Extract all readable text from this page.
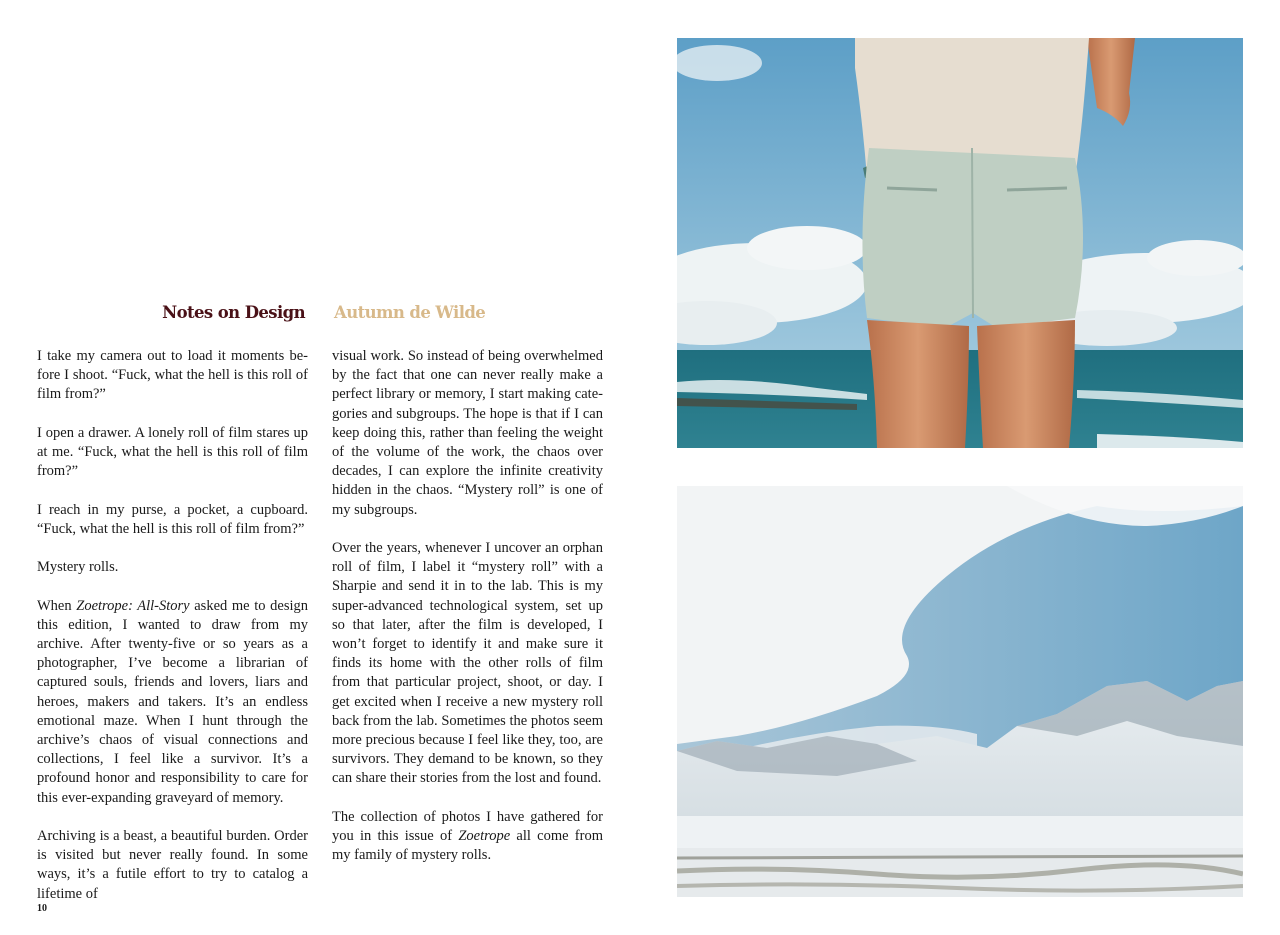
Notes on Design Autumn de Wilde

I take my camera out to load it moments before I shoot. “Fuck, what the hell is this roll of film from?”

I open a drawer. A lonely roll of film stares up at me. “Fuck, what the hell is this roll of film from?”

I reach in my purse, a pocket, a cupboard. “Fuck, what the hell is this roll of film from?”

Mystery rolls.

When Zoetrope: All-Story asked me to design this edition, I wanted to draw from my archive. After twenty-five or so years as a photographer, I’ve become a librarian of captured souls, friends and lovers, liars and heroes, makers and takers. It’s an endless emotional maze. When I hunt through the archive’s chaos of visual connections and collections, I feel like a survivor. It’s a profound honor and responsibility to care for this ever-expanding graveyard of memory.

Archiving is a beast, a beautiful burden. Order is visited but never really found. In some ways, it’s a futile effort to try to catalog a lifetime of

visual work. So instead of being overwhelmed by the fact that one can never really make a perfect library or memory, I start making categories and subgroups. The hope is that if I can keep doing this, rather than feeling the weight of the volume of the work, the chaos over decades, I can explore the infinite creativity hidden in the chaos. “Mystery roll” is one of my subgroups.

Over the years, whenever I uncover an orphan roll of film, I label it “mystery roll” with a Sharpie and send it in to the lab. This is my super-advanced technological system, set up so that later, after the film is developed, I won’t forget to identify it and make sure it finds its home with the other rolls of film from that particular project, shoot, or day. I get excited when I receive a new mystery roll back from the lab. Sometimes the photos seem more precious because I feel like they, too, are survivors. They demand to be known, so they can share their stories from the lost and found.

The collection of photos I have gathered for you in this issue of Zoetrope all come from my family of mystery rolls.

10
